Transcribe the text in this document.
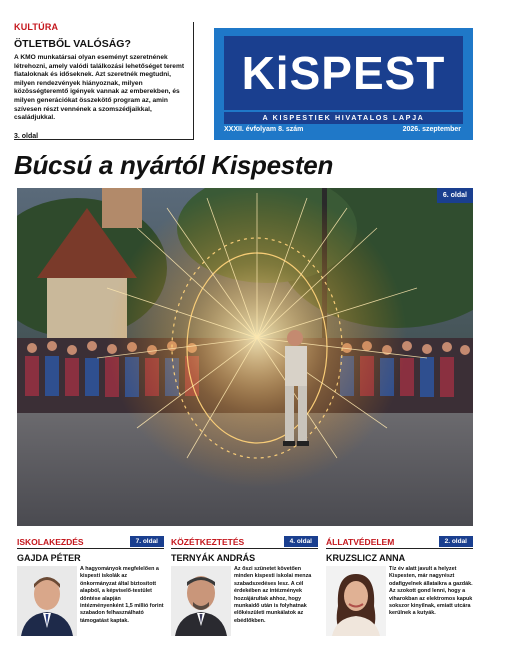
KULTÚRA
ÖTLETBŐL VALÓSÁG?
A KMO munkatársai olyan eseményt szeretnének létrehozni, amely valódi találkozási lehetőséget teremt fiataloknak és időseknek. Azt szeretnék megtudni, milyen rendezvények hiányoznak, milyen közösségteremtő igények vannak az emberekben, és milyen generációkat összekötő program az, amin szívesen részt vennének a szomszédjaikkal, családjukkal.
3. oldal
KiSPEST
A KISPESTIEK HIVATALOS LAPJA
XXXII. évfolyam 8. szám	2026. szeptember
Búcsú a nyártól Kispesten
6. oldal
ISKOLAKEZDÉS	7. oldal
GAJDA PÉTER
A hagyományok megfelelően a kispesti iskolák az önkormányzat által biztosított alapból, a képviselő-testület döntése alapján intézményenként 1,5 millió forint szabadon felhasználható támogatást kaptak.
KÖZÉTKEZTETÉS	4. oldal
TERNYÁK ANDRÁS
Az őszi szünetet követően minden kispesti iskolai menza szabadszedéses lesz. A cél érdekében az intézmények hozzájárultak ahhoz, hogy munkaidő után is folyhatnak előkészületi munkálatok az ebédlőkben.
ÁLLATVÉDELEM	2. oldal
KRUZSLICZ ANNA
Tíz év alatt javult a helyzet Kispesten, már nagyrészt odafigyelnek állataikra a gazdák. Az szokott gond lenni, hogy a viharokban az elektromos kapuk sokszor kinyílnak, emiatt utcára kerülnek a kutyák.
